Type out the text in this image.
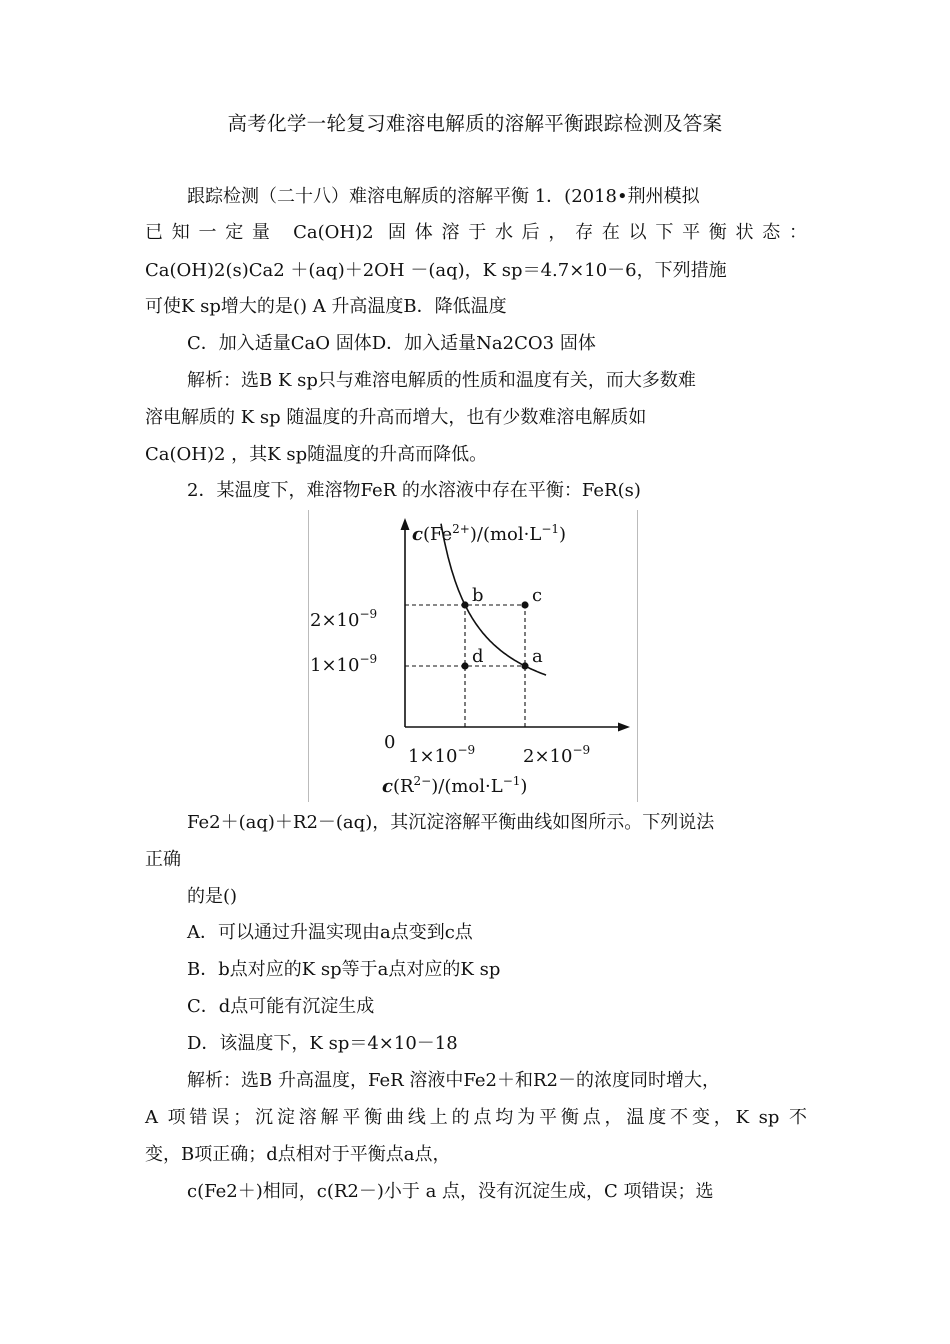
高考化学一轮复习难溶电解质的溶解平衡跟踪检测及答案
跟踪检测（二十八）难溶电解质的溶解平衡 1．(2018•荆州模拟
已知一定量 Ca(OH)2 固体溶于水后，存在以下平衡状态：
Ca(OH)2(s)Ca2 ＋(aq)＋2OH －(aq)，K sp＝4.7×10－6，下列措施
可使K sp增大的是() A 升高温度B．降低温度
C．加入适量CaO 固体D．加入适量Na2CO3 固体
解析：选B K sp只与难溶电解质的性质和温度有关，而大多数难
溶电解质的 K sp 随温度的升高而增大，也有少数难溶电解质如
Ca(OH)2 ，其K sp随温度的升高而降低。
2．某温度下，难溶物FeR 的水溶液中存在平衡：FeR(s)
$c(Fe^{2+})/(mol\cdot L^{-1})$
$c(R^{2-})/(mol\cdot L^{-1})$
$2\times 10^{-9}$
$1\times 10^{-9}$
0
$1\times 10^{-9}$	$2\times 10^{-9}$
b	c
d	a
Fe2＋(aq)＋R2－(aq)，其沉淀溶解平衡曲线如图所示。下列说法
正确
的是()
A．可以通过升温实现由a点变到c点
B．b点对应的K sp等于a点对应的K sp
C．d点可能有沉淀生成
D．该温度下，K sp＝4×10－18
解析：选B 升高温度，FeR 溶液中Fe2＋和R2－的浓度同时增大，
A 项错误；沉淀溶解平衡曲线上的点均为平衡点，温度不变，K sp 不
变，B项正确；d点相对于平衡点a点，
c(Fe2＋)相同，c(R2－)小于 a 点，没有沉淀生成，C 项错误；选
